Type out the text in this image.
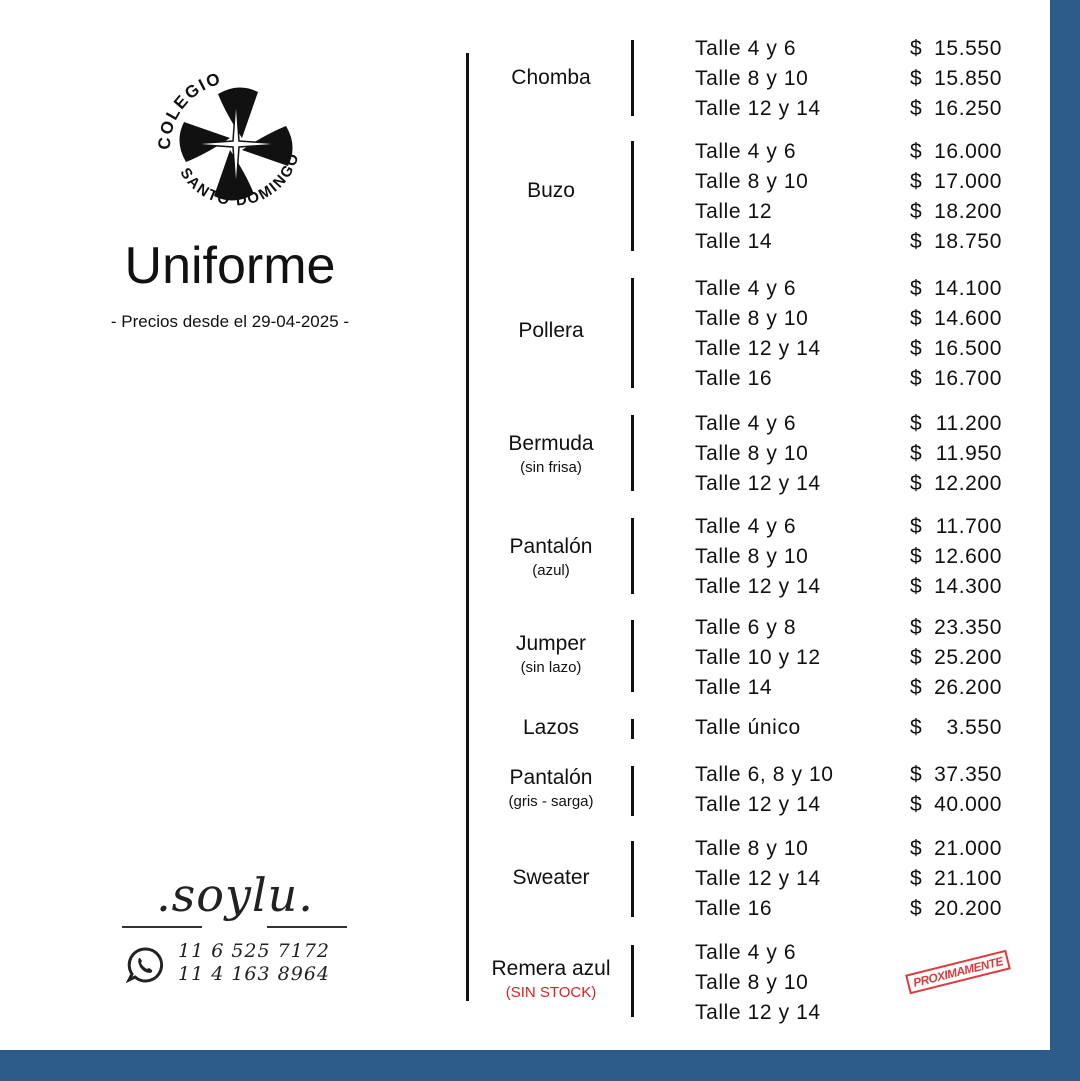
COLEGIO
SANTO DOMINGO
Uniforme
- Precios desde el 29-04-2025 -
.soylu.
11 6 525 7172
11 4 163 8964
Chomba
Talle 4 y 6	$ 15.550
Talle 8 y 10	$ 15.850
Talle 12 y 14	$ 16.250
Buzo
Talle 4 y 6	$ 16.000
Talle 8 y 10	$ 17.000
Talle 12	$ 18.200
Talle 14	$ 18.750
Pollera
Talle 4 y 6	$ 14.100
Talle 8 y 10	$ 14.600
Talle 12 y 14	$ 16.500
Talle 16	$ 16.700
Bermuda
(sin frisa)
Talle 4 y 6	$ 11.200
Talle 8 y 10	$ 11.950
Talle 12 y 14	$ 12.200
Pantalón
(azul)
Talle 4 y 6	$ 11.700
Talle 8 y 10	$ 12.600
Talle 12 y 14	$ 14.300
Jumper
(sin lazo)
Talle 6 y 8	$ 23.350
Talle 10 y 12	$ 25.200
Talle 14	$ 26.200
Lazos	Talle único	$ 3.550
Pantalón
(gris - sarga)
Talle 6, 8 y 10	$ 37.350
Talle 12 y 14	$ 40.000
Sweater
Talle 8 y 10	$ 21.000
Talle 12 y 14	$ 21.100
Talle 16	$ 20.200
Remera azul
(SIN STOCK)
Talle 4 y 6
Talle 8 y 10
Talle 12 y 14
PROXIMAMENTE
